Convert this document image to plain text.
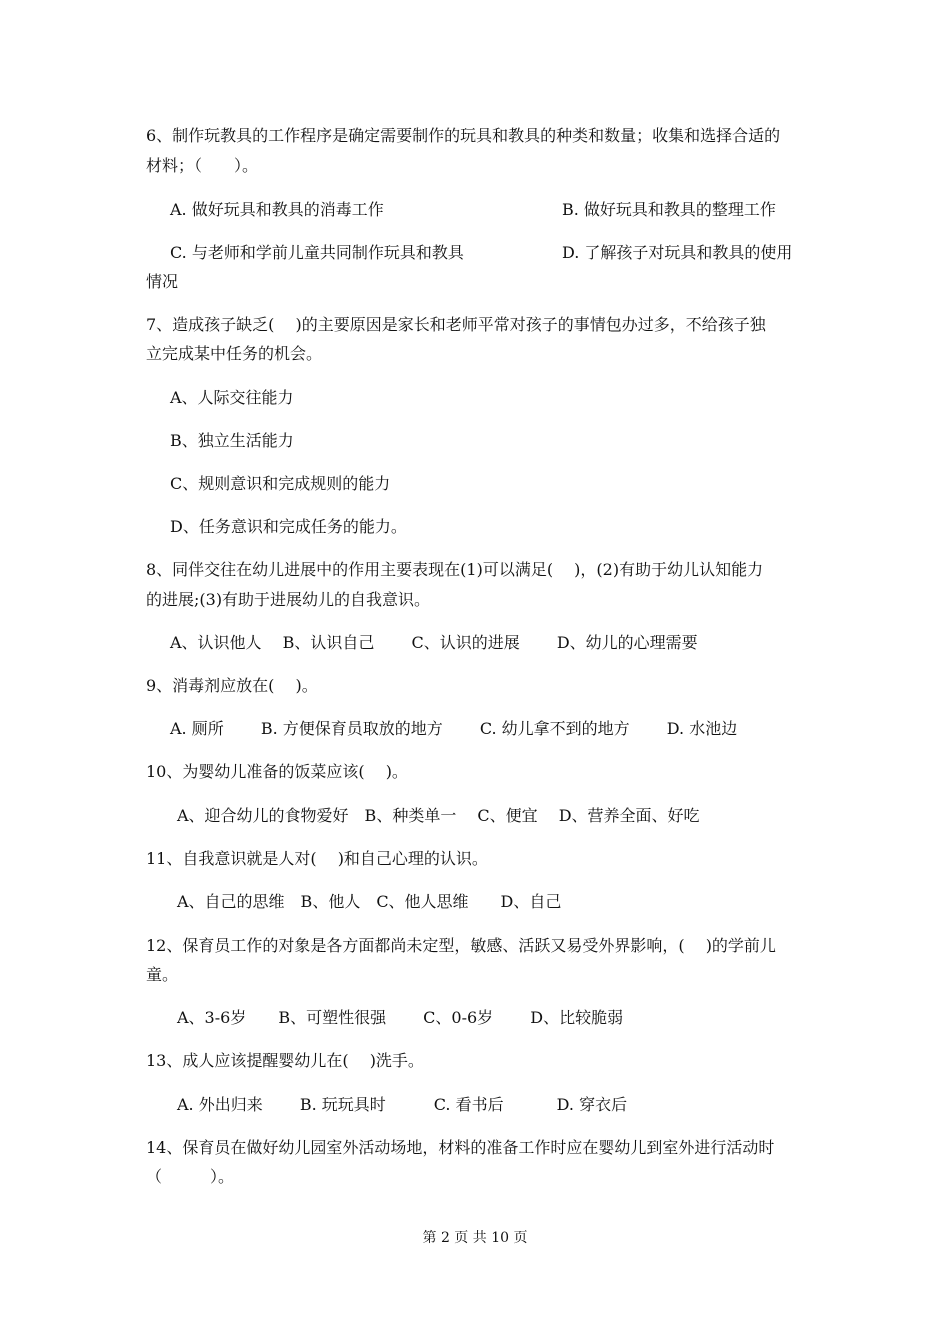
6、制作玩教具的工作程序是确定需要制作的玩具和教具的种类和数量；收集和选择合适的
材料；（　　）。
A. 做好玩具和教具的消毒工作	B. 做好玩具和教具的整理工作
C. 与老师和学前儿童共同制作玩具和教具	D. 了解孩子对玩具和教具的使用
情况
7、造成孩子缺乏(　 )的主要原因是家长和老师平常对孩子的事情包办过多，不给孩子独
立完成某中任务的机会。
A、人际交往能力
B、独立生活能力
C、规则意识和完成规则的能力
D、任务意识和完成任务的能力。
8、同伴交往在幼儿进展中的作用主要表现在(1)可以满足(　 )，(2)有助于幼儿认知能力
的进展;(3)有助于进展幼儿的自我意识。
A、认识他人　 B、认识自己　　 C、认识的进展　　 D、幼儿的心理需要
9、消毒剂应放在(　 )。
A. 厕所　　 B. 方便保育员取放的地方　　 C. 幼儿拿不到的地方　　 D. 水池边
10、为婴幼儿准备的饭菜应该(　 )。
A、迎合幼儿的食物爱好　B、种类单一　 C、便宜　 D、营养全面、好吃
11、自我意识就是人对(　 )和自己心理的认识。
A、自己的思维　B、他人　C、他人思维　　D、自己
12、保育员工作的对象是各方面都尚未定型，敏感、活跃又易受外界影响，(　 )的学前儿
童。
A、3-6岁　　B、可塑性很强　　 C、0-6岁　　 D、比较脆弱
13、成人应该提醒婴幼儿在(　 )洗手。
A. 外出归来　　 B. 玩玩具时　　　C. 看书后　　　 D. 穿衣后
14、保育员在做好幼儿园室外活动场地，材料的准备工作时应在婴幼儿到室外进行活动时
（　　　）。
第 2 页 共 10 页
